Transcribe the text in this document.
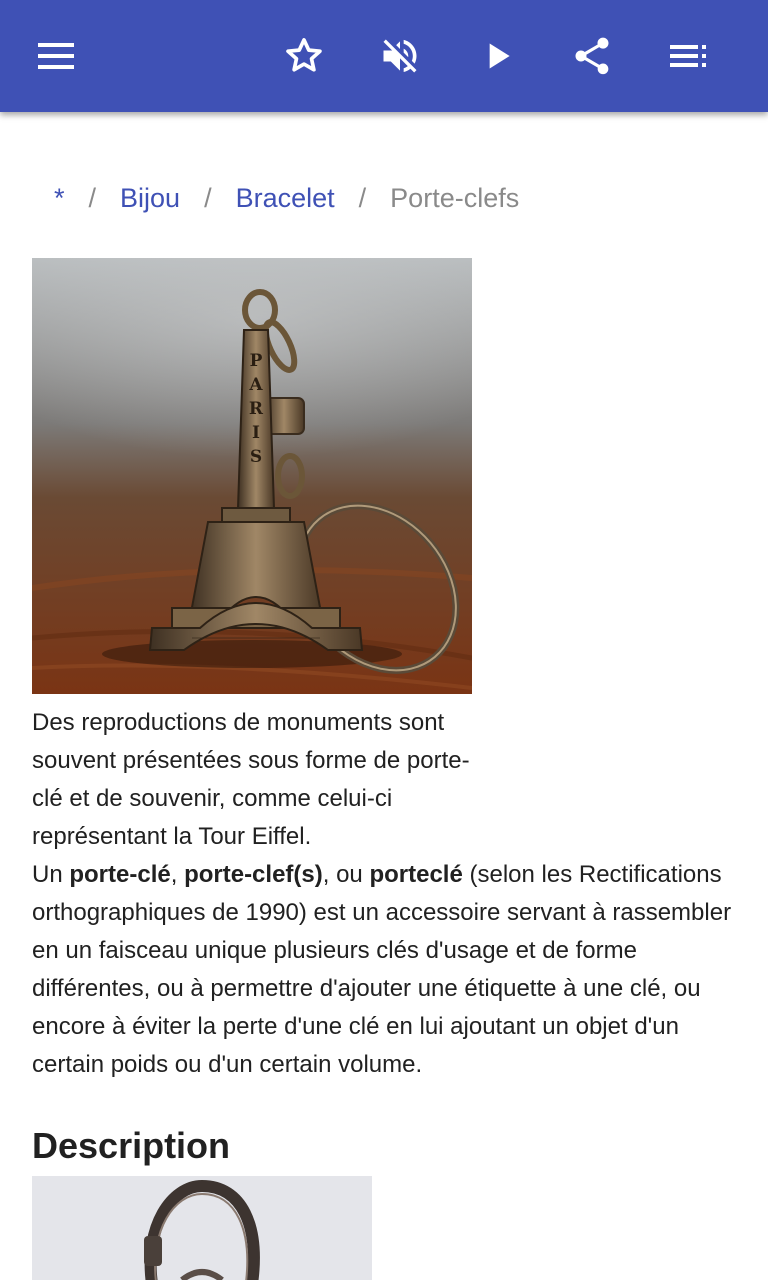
* / Bijou / Bracelet / Porte-clefs
P A R I S
Des reproductions de monuments sont souvent présentées sous forme de porte-clé et de souvenir, comme celui-ci représentant la Tour Eiffel.

Un porte-clé, porte-clef(s), ou porteclé (selon les Rectifications orthographiques de 1990) est un accessoire servant à rassembler en un faisceau unique plusieurs clés d'usage et de forme différentes, ou à permettre d'ajouter une étiquette à une clé, ou encore à éviter la perte d'une clé en lui ajoutant un objet d'un certain poids ou d'un certain volume.

Description
